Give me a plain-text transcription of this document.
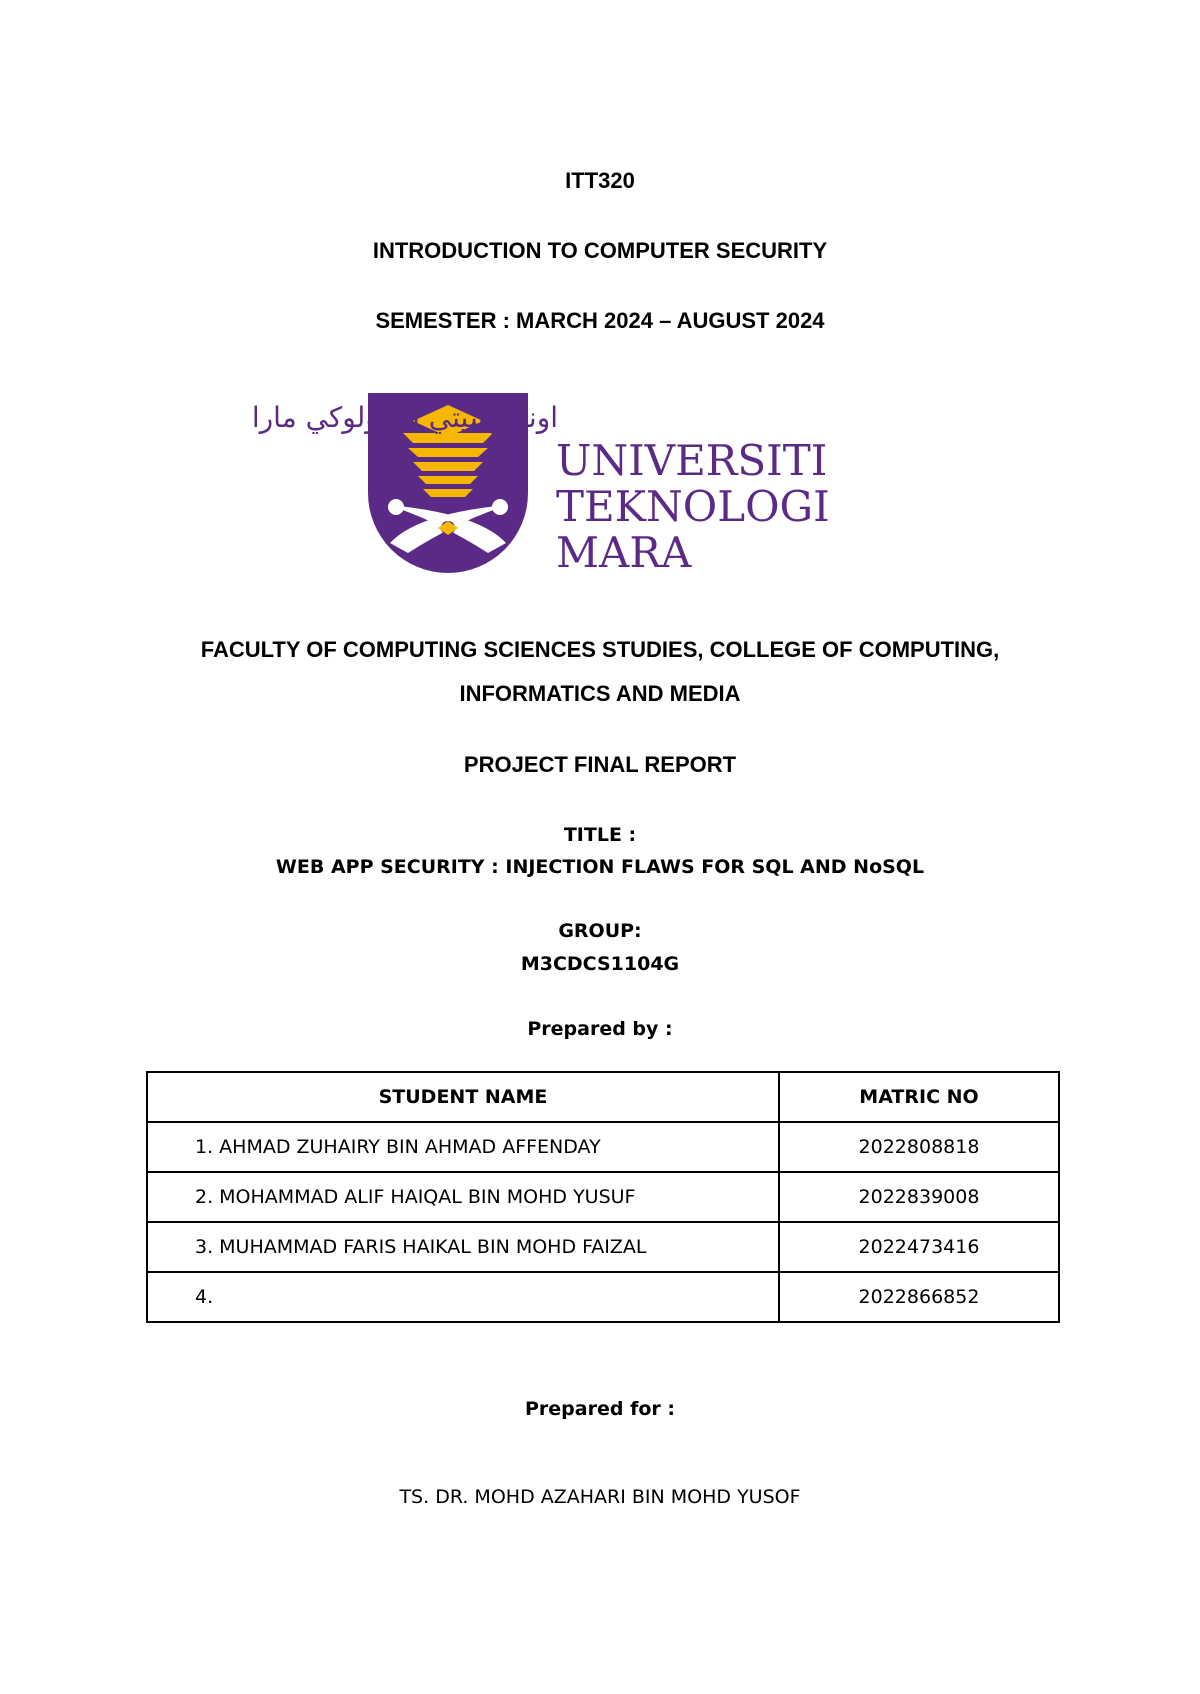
ITT320
INTRODUCTION TO COMPUTER SECURITY
SEMESTER : MARCH 2024 – AUGUST 2024
اونيورسيتي تيكنولوكي مارا
UNIVERSITI
TEKNOLOGI
MARA
FACULTY OF COMPUTING SCIENCES STUDIES, COLLEGE OF COMPUTING,
INFORMATICS AND MEDIA
PROJECT FINAL REPORT
TITLE :
WEB APP SECURITY : INJECTION FLAWS FOR SQL AND NoSQL
GROUP:
M3CDCS1104G
Prepared by :
STUDENT NAME	MATRIC NO
1. AHMAD ZUHAIRY BIN AHMAD AFFENDAY	2022808818
2. MOHAMMAD ALIF HAIQAL BIN MOHD YUSUF	2022839008
3. MUHAMMAD FARIS HAIKAL BIN MOHD FAIZAL	2022473416
4.	2022866852
Prepared for :
TS. DR. MOHD AZAHARI BIN MOHD YUSOF
